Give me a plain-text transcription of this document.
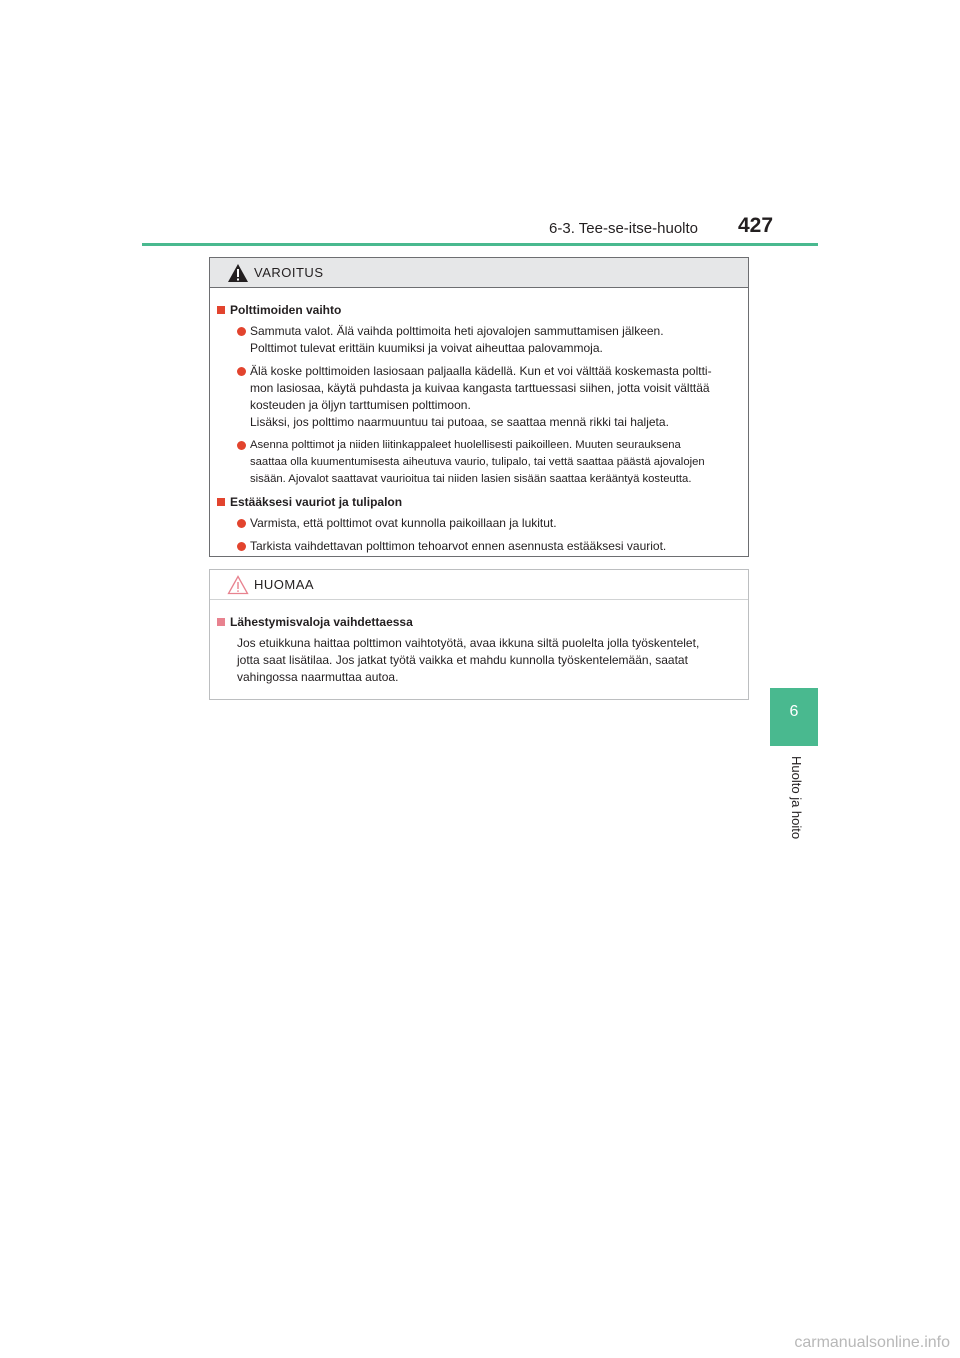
6-3. Tee-se-itse-huolto 427
6
Huolto ja hoito
VAROITUS
Polttimoiden vaihto
Sammuta valot. Älä vaihda polttimoita heti ajovalojen sammuttamisen jälkeen.
Polttimot tulevat erittäin kuumiksi ja voivat aiheuttaa palovammoja.
Älä koske polttimoiden lasiosaan paljaalla kädellä. Kun et voi välttää koskemasta poltti-
mon lasiosaa, käytä puhdasta ja kuivaa kangasta tarttuessasi siihen, jotta voisit välttää
kosteuden ja öljyn tarttumisen polttimoon.
Lisäksi, jos polttimo naarmuuntuu tai putoaa, se saattaa mennä rikki tai haljeta.
Asenna polttimot ja niiden liitinkappaleet huolellisesti paikoilleen. Muuten seurauksena
saattaa olla kuumentumisesta aiheutuva vaurio, tulipalo, tai vettä saattaa päästä ajovalojen
sisään. Ajovalot saattavat vaurioitua tai niiden lasien sisään saattaa kerääntyä kosteutta.
Estääksesi vauriot ja tulipalon
Varmista, että polttimot ovat kunnolla paikoillaan ja lukitut.
Tarkista vaihdettavan polttimon tehoarvot ennen asennusta estääksesi vauriot.
HUOMAA
Lähestymisvaloja vaihdettaessa
Jos etuikkuna haittaa polttimon vaihtotyötä, avaa ikkuna siltä puolelta jolla työskentelet,
jotta saat lisätilaa. Jos jatkat työtä vaikka et mahdu kunnolla työskentelemään, saatat
vahingossa naarmuttaa autoa.
carmanualsonline.info
